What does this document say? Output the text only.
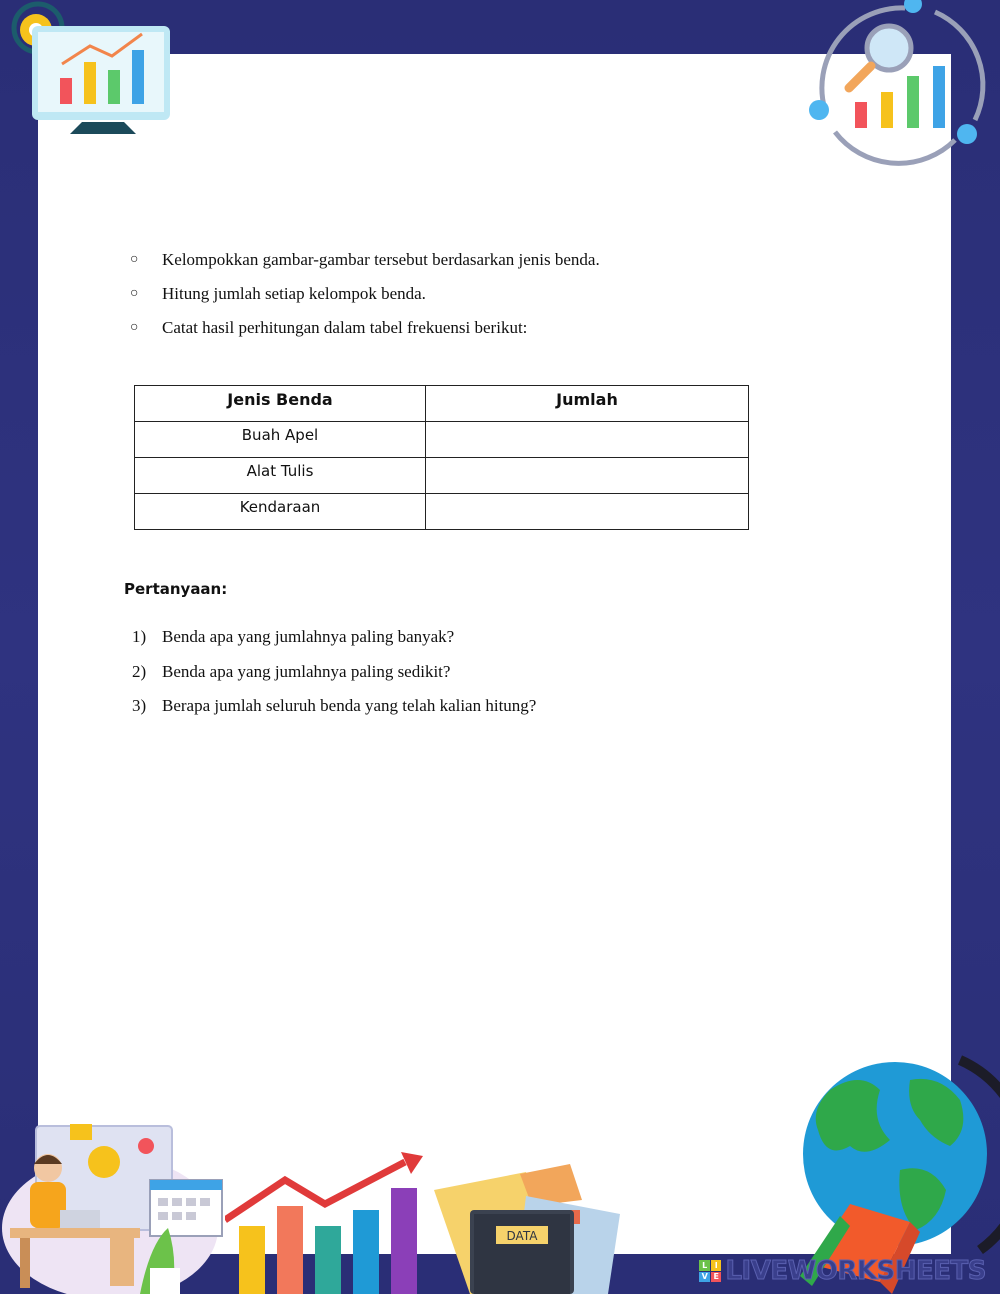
○	Kelompokkan gambar-gambar tersebut berdasarkan jenis benda.
○	Hitung jumlah setiap kelompok benda.
○	Catat hasil perhitungan dalam tabel frekuensi berikut:
Jenis Benda	Jumlah
Buah Apel	
Alat Tulis	
Kendaraan	
Pertanyaan:
1) Benda apa yang jumlahnya paling banyak?
2) Benda apa yang jumlahnya paling sedikit?
3) Berapa jumlah seluruh benda yang telah kalian hitung?
DATA
L I
V E LIVEWORKSHEETS
